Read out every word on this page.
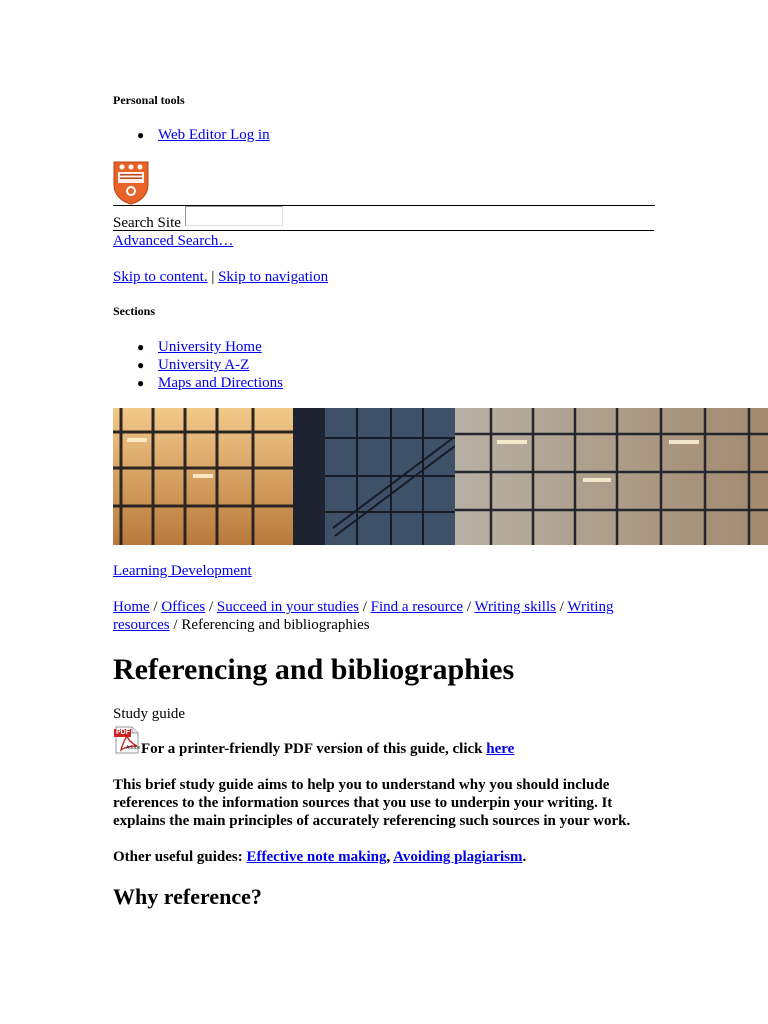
Personal tools
● Web Editor Log in
Search Site
Advanced Search…
Skip to content. | Skip to navigation
Sections
● University Home
● University A-Z
● Maps and Directions
Learning Development
Home / Offices / Succeed in your studies / Find a resource / Writing skills / Writing
resources / Referencing and bibliographies
Referencing and bibliographies
Study guide
PDF
Adobe For a printer-friendly PDF version of this guide, click here

This brief study guide aims to help you to understand why you should include references to the information sources that you use to underpin your writing. It explains the main principles of accurately referencing such sources in your work.

Other useful guides: Effective note making, Avoiding plagiarism.
Why reference?
